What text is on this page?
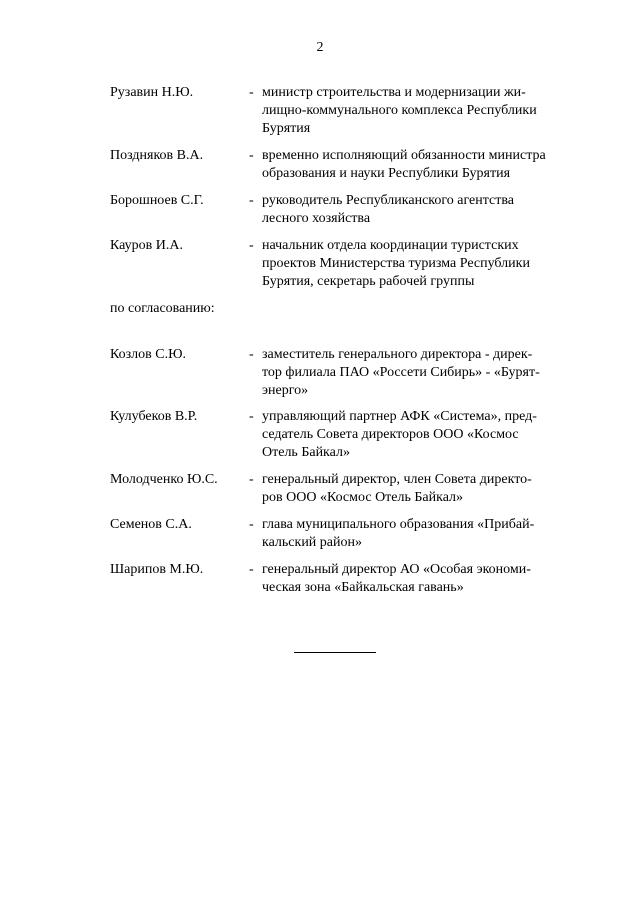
2
Рузавин Н.Ю.	- министр строительства и модернизации жи-
лищно-коммунального комплекса Республики
Бурятия
Поздняков В.А.	- временно исполняющий обязанности министра
образования и науки Республики Бурятия
Борошноев С.Г.	- руководитель Республиканского агентства
лесного хозяйства
Кауров И.А.	- начальник отдела координации туристских
проектов Министерства туризма Республики
Бурятия, секретарь рабочей группы
по согласованию:
Козлов С.Ю.	- заместитель генерального директора - дирек-
тор филиала ПАО «Россети Сибирь» - «Бурят-
энерго»
Кулубеков В.Р.	- управляющий партнер АФК «Система», пред-
седатель Совета директоров ООО «Космос
Отель Байкал»
Молодченко Ю.С.	- генеральный директор, член Совета директо-
ров ООО «Космос Отель Байкал»
Семенов С.А.	- глава муниципального образования «Прибай-
кальский район»
Шарипов М.Ю.	- генеральный директор АО «Особая экономи-
ческая зона «Байкальская гавань»
